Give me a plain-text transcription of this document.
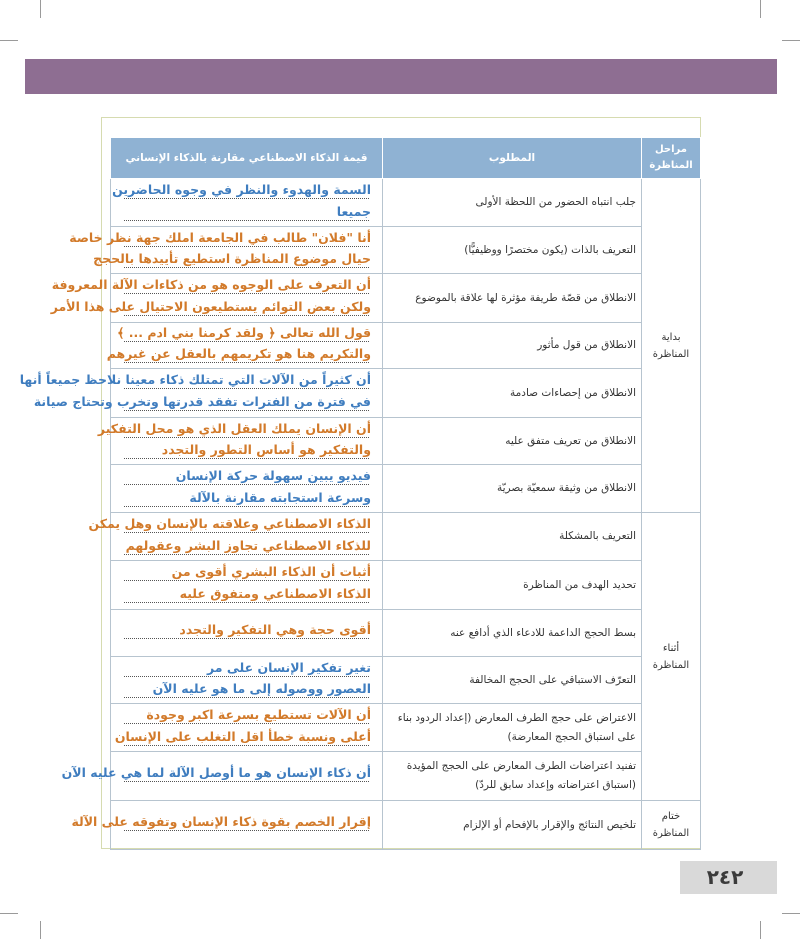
مراحل المناظرة	المطلوب	قيمة الذكاء الاصطناعي مقارنة بالذكاء الإنساني
بداية المناظرة	جلب انتباه الحضور من اللحظة الأولى	السمة والهدوء والنظر في وجوه الحاضرين
جميعا

	التعريف بالذات (يكون مختصرًا ووظيفيًّا)	أنا "فلان" طالب في الجامعة املك جهة نظر خاصة
حيال موضوع المناظرة استطيع تأييدها بالحجج

	الانطلاق من قصّة طريفة مؤثرة لها علاقة بالموضوع	أن التعرف على الوجوه هو من ذكاءات الآلة المعروفة
ولكن بعض التوائم يستطيعون الاحتيال على هذا الأمر

	الانطلاق من قول مأثور	قول الله تعالى ﴿ ولقد كرمنا بني ادم ... ﴾
والتكريم هنا هو تكريمهم بالعقل عن غيرهم

	الانطلاق من إحصاءات صادمة	أن كثيراً من الآلات التي تمتلك ذكاء معينا نلاحظ جميعاً أنها
في فترة من الفترات تفقد قدرتها وتخرب وتحتاج صيانة

	الانطلاق من تعريف متفق عليه	أن الإنسان يملك العقل الذي هو محل التفكير
والتفكير هو أساس التطور والتجدد

	الانطلاق من وثيقة سمعيّة بصريّة	فيديو يبين سهولة حركة الإنسان
وسرعة استجابته مقارنة بالآلة

أثناء المناظرة	التعريف بالمشكلة	الذكاء الاصطناعي وعلاقته بالإنسان وهل يمكن
للذكاء الاصطناعي تجاوز البشر وعقولهم

	تحديد الهدف من المناظرة	أثبات أن الذكاء البشري أقوى من
الذكاء الاصطناعي ومتفوق عليه

	بسط الحجج الداعمة للادعاء الذي أدافع عنه	أقوى حجة وهي التفكير والتجدد

	التعرّف الاستباقي على الحجج المخالفة	تغير تفكير الإنسان على مر
العصور ووصوله إلى ما هو عليه الآن

	الاعتراض على حجج الطرف المعارض (إعداد الردود بناء على استباق الحجج المعارضة)	أن الآلات تستطيع بسرعة اكبر وجودة
أعلى ونسبة خطأ اقل التغلب على الإنسان

	تفنيد اعتراضات الطرف المعارض على الحجج المؤيدة (استباق اعتراضاته وإعداد سابق للردّ)	أن ذكاء الإنسان هو ما أوصل الآلة لما هي عليه الآن

ختام المناظرة	تلخيص النتائج والإقرار بالإفحام أو الإلزام	إقرار الخصم بقوة ذكاء الإنسان وتفوقه على الآلة
٢٤٢
